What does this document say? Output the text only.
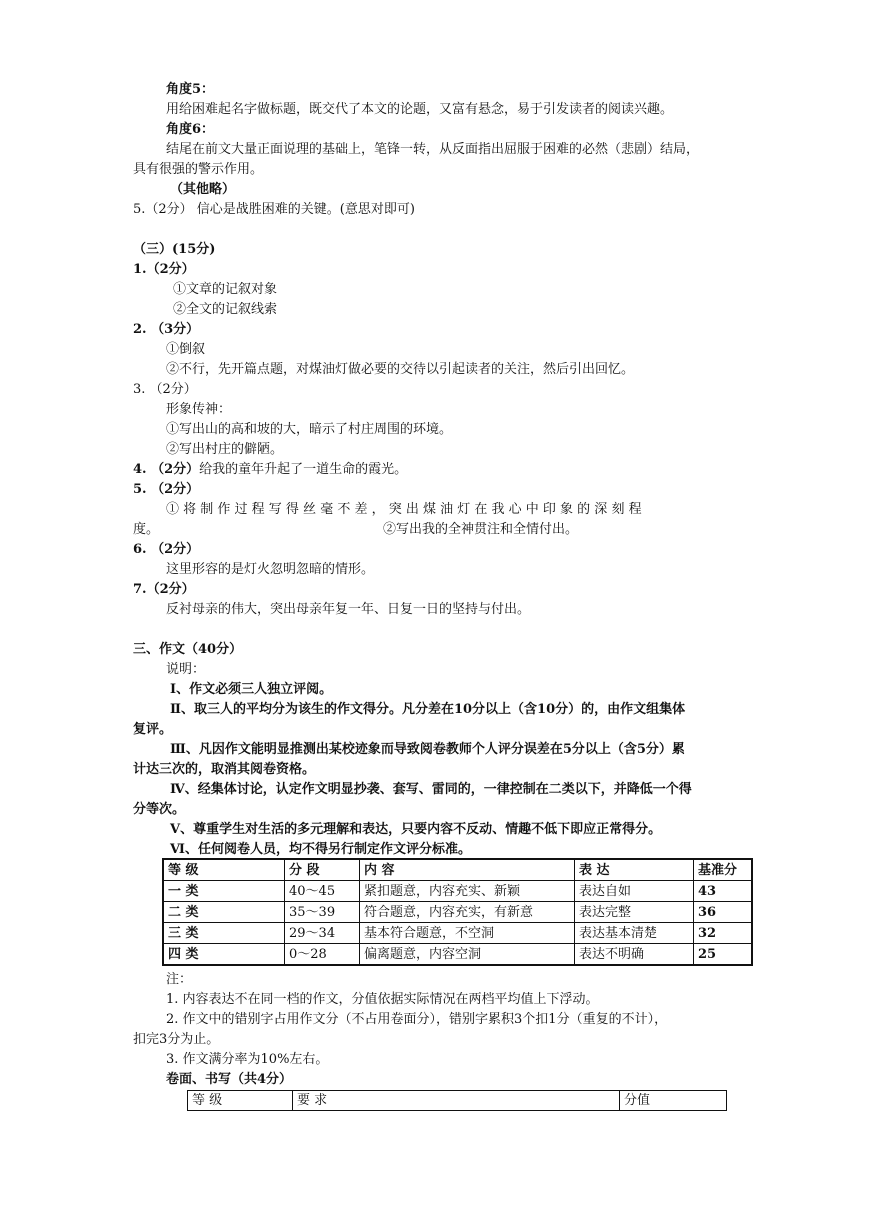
角度5：
用给困难起名字做标题，既交代了本文的论题，又富有悬念，易于引发读者的阅读兴趣。
角度6：
结尾在前文大量正面说理的基础上，笔锋一转，从反面指出屈服于困难的必然（悲剧）结局，
具有很强的警示作用。
（其他略）
5.（2分） 信心是战胜困难的关键。(意思对即可)
（三）(15分)
1.（2分）
①文章的记叙对象
②全文的记叙线索
2. （3分）
①倒叙
②不行，先开篇点题，对煤油灯做必要的交待以引起读者的关注，然后引出回忆。
3. （2分）
形象传神：
①写出山的高和坡的大，暗示了村庄周围的环境。
②写出村庄的僻陋。
4. （2分）给我的童年升起了一道生命的霞光。
5. （2分）
① 将 制 作 过 程 写 得 丝 毫 不 差 ， 突 出 煤 油 灯 在 我 心 中 印 象 的 深 刻 程
度。	②写出我的全神贯注和全情付出。
6. （2分）
这里形容的是灯火忽明忽暗的情形。
7.（2分）
反衬母亲的伟大，突出母亲年复一年、日复一日的坚持与付出。
三、作文（40分）
说明：
Ⅰ、作文必须三人独立评阅。
Ⅱ、取三人的平均分为该生的作文得分。凡分差在10分以上（含10分）的，由作文组集体
复评。
Ⅲ、凡因作文能明显推测出某校迹象而导致阅卷教师个人评分误差在5分以上（含5分）累
计达三次的，取消其阅卷资格。
Ⅳ、经集体讨论，认定作文明显抄袭、套写、雷同的，一律控制在二类以下，并降低一个得
分等次。
Ⅴ、尊重学生对生活的多元理解和表达，只要内容不反动、情趣不低下即应正常得分。
Ⅵ、任何阅卷人员，均不得另行制定作文评分标准。
等 级	分 段	内 容	表 达	基准分
一 类	40～45	紧扣题意，内容充实、新颖	表达自如	43
二 类	35～39	符合题意，内容充实，有新意	表达完整	36
三 类	29～34	基本符合题意，不空洞	表达基本清楚	32
四 类	0～28	偏离题意，内容空洞	表达不明确	25
注：
1. 内容表达不在同一档的作文，分值依据实际情况在两档平均值上下浮动。
2. 作文中的错别字占用作文分（不占用卷面分），错别字累积3个扣1分（重复的不计），
扣完3分为止。
3. 作文满分率为10%左右。
卷面、书写（共4分）
等 级	要 求	分值
